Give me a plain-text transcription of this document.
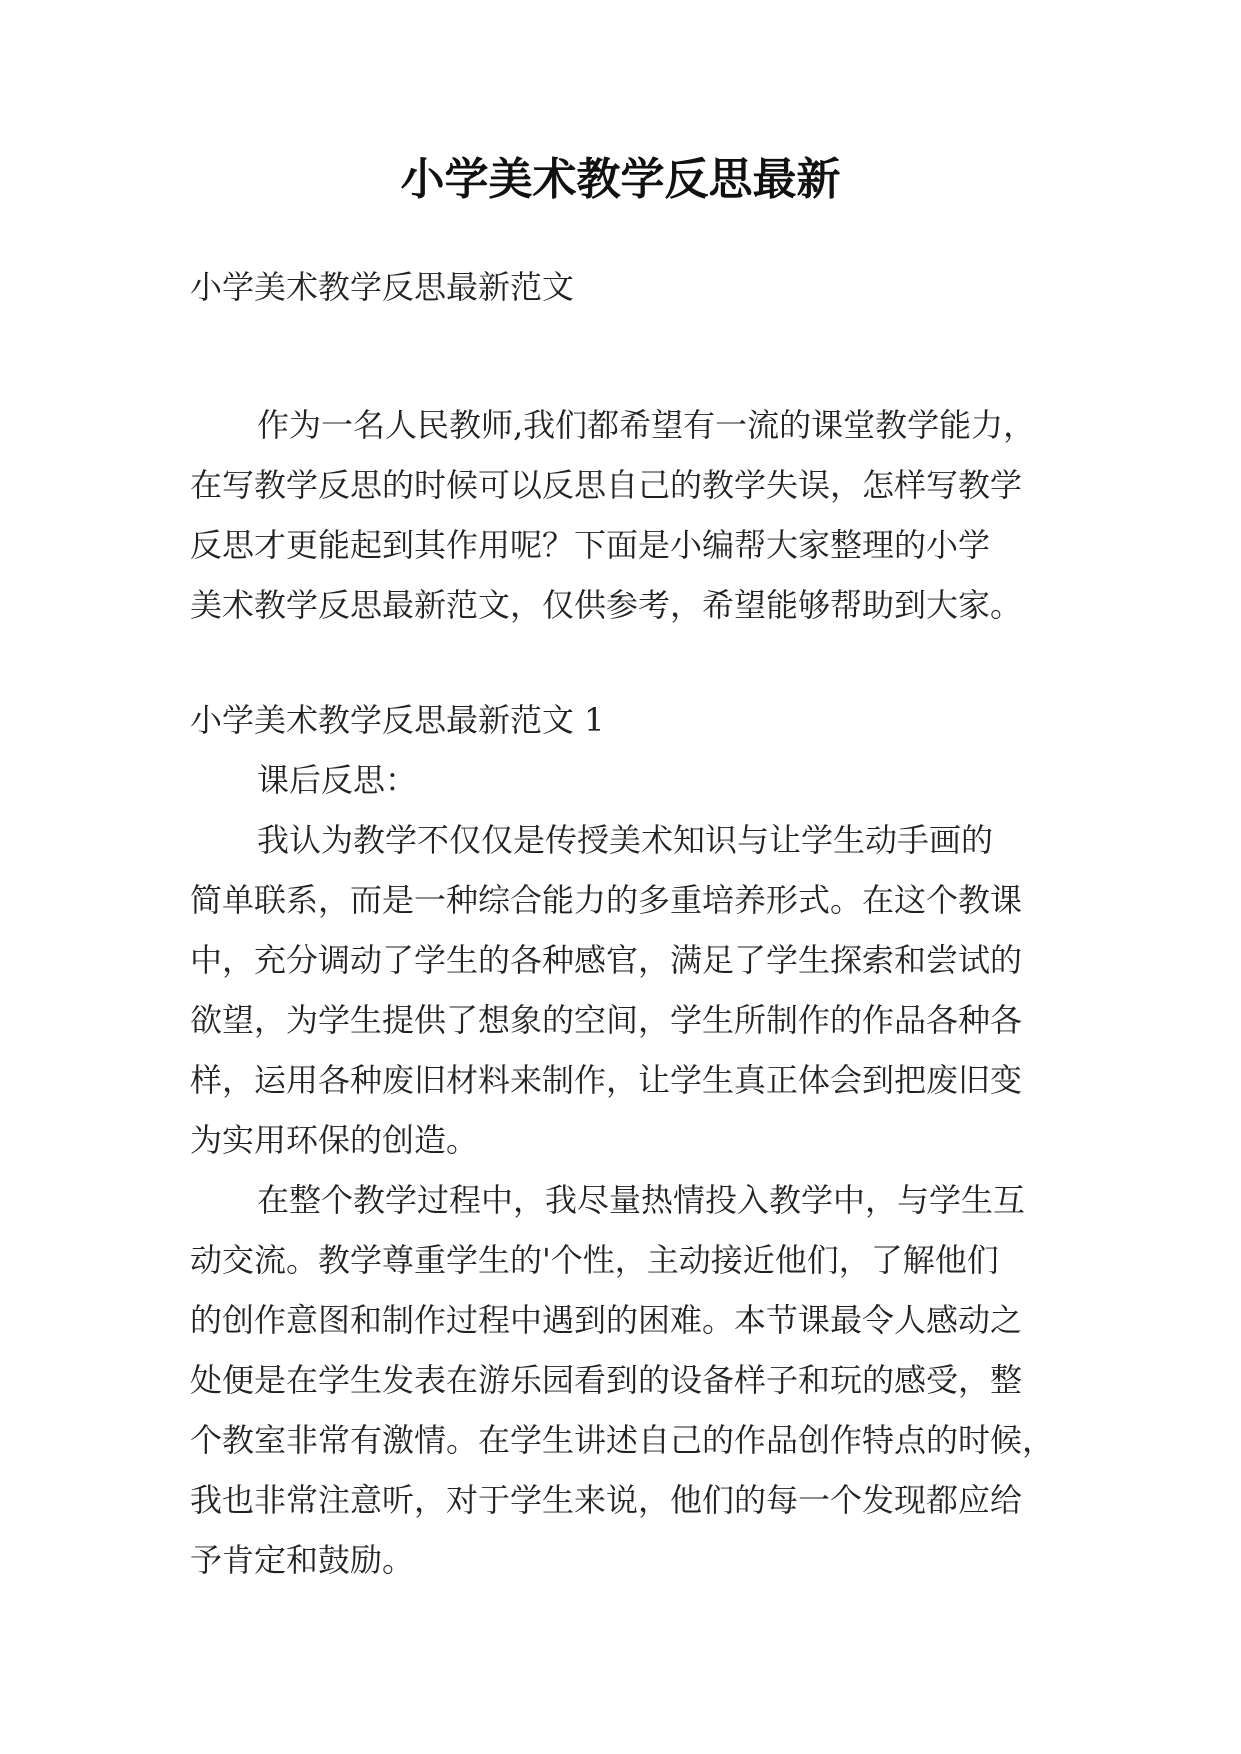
小学美术教学反思最新

小学美术教学反思最新范文

作为一名人民教师,我们都希望有一流的课堂教学能力，

在写教学反思的时候可以反思自己的教学失误，怎样写教学

反思才更能起到其作用呢？下面是小编帮大家整理的小学

美术教学反思最新范文，仅供参考，希望能够帮助到大家。

小学美术教学反思最新范文 1

课后反思：

我认为教学不仅仅是传授美术知识与让学生动手画的

简单联系，而是一种综合能力的多重培养形式。在这个教课

中，充分调动了学生的各种感官，满足了学生探索和尝试的

欲望，为学生提供了想象的空间，学生所制作的作品各种各

样，运用各种废旧材料来制作，让学生真正体会到把废旧变

为实用环保的创造。

在整个教学过程中，我尽量热情投入教学中，与学生互

动交流。教学尊重学生的'个性，主动接近他们，了解他们

的创作意图和制作过程中遇到的困难。本节课最令人感动之

处便是在学生发表在游乐园看到的设备样子和玩的感受，整

个教室非常有激情。在学生讲述自己的作品创作特点的时候，

我也非常注意听，对于学生来说，他们的每一个发现都应给

予肯定和鼓励。
